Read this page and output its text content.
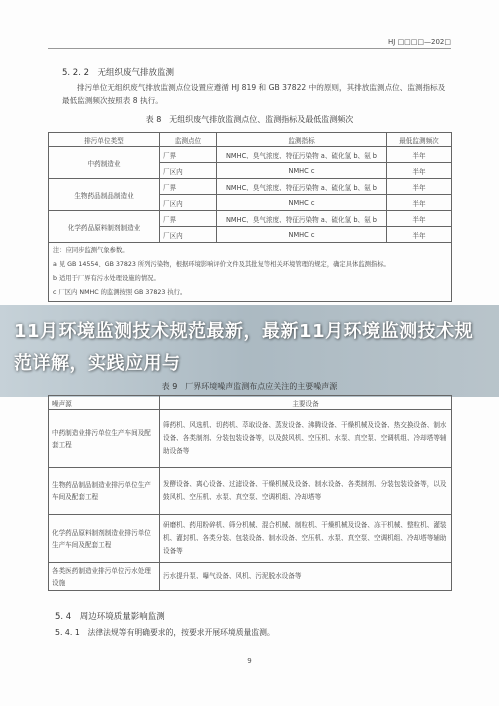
HJ □□□□—202□
5. 2. 2　无组织废气排放监测
排污单位无组织废气排放监测点位设置应遵循 HJ 819 和 GB 37822 中的原则，其排放监测点位、监测指标及最低监测频次按照表 8 执行。
表 8　无组织废气排放监测点位、监测指标及最低监测频次
排污单位类型	监测点位	监测指标	最低监测频次
中药制造业	厂界	NMHC、臭气浓度、特征污染物 a、硫化氢 b、氨 b	半年
	厂区内	NMHC c	半年
生物药品制品制造业	厂界	NMHC、臭气浓度、特征污染物 a、硫化氢 b、氨 b	半年
	厂区内	NMHC c	半年
化学药品原料制剂制造业	厂界	NMHC、臭气浓度、特征污染物 a、硫化氢 b、氨 b	半年
	厂区内	NMHC c	半年

注：应同步监测气象参数。
a 见 GB 14554、GB 37823 所列污染物，根据环境影响评价文件及其批复等相关环境管理的规定，确定具体监测指标。
b 适用于厂界有污水处理设施的情况。
c 厂区内 NMHC 的监测按照 GB 37823 执行。			
11月环境监测技术规范最新，最新11月环境监测技术规范详解，实践应用与
表 9　厂界环境噪声监测布点应关注的主要噪声源
噪声源	主要设备
中药制造业排污单位生产车间及配套工程	筛药机、风选机、切药机、萃取设备、蒸发设备、沸腾设备、干燥机械及设备、热交换设备、制水设备、各类制剂、分装包装设备等，以及鼓风机、空压机、水泵、真空泵、空调机组、冷却塔等辅助设备等
生物药品制品制造业排污单位生产车间及配套工程	发酵设备、离心设备、过滤设备、干燥机械及设备、制水设备、各类制剂、分装包装设备等，以及鼓风机、空压机、水泵、真空泵、空调机组、冷却塔等
化学药品原料制剂制造业排污单位生产车间及配套工程	研磨机、药用粉碎机、筛分机械、混合机械、制粒机、干燥机械及设备、冻干机械、整粒机、灌装机、灌封机、各类分装、包装设备、制水设备、空压机、水泵、真空泵、空调机组、冷却塔等辅助设备等
各类医药制造业排污单位污水处理设施	污水提升泵、曝气设备、风机、污泥脱水设备等
5. 4　周边环境质量影响监测
5. 4. 1　法律法规等有明确要求的，按要求开展环境质量监测。
9
